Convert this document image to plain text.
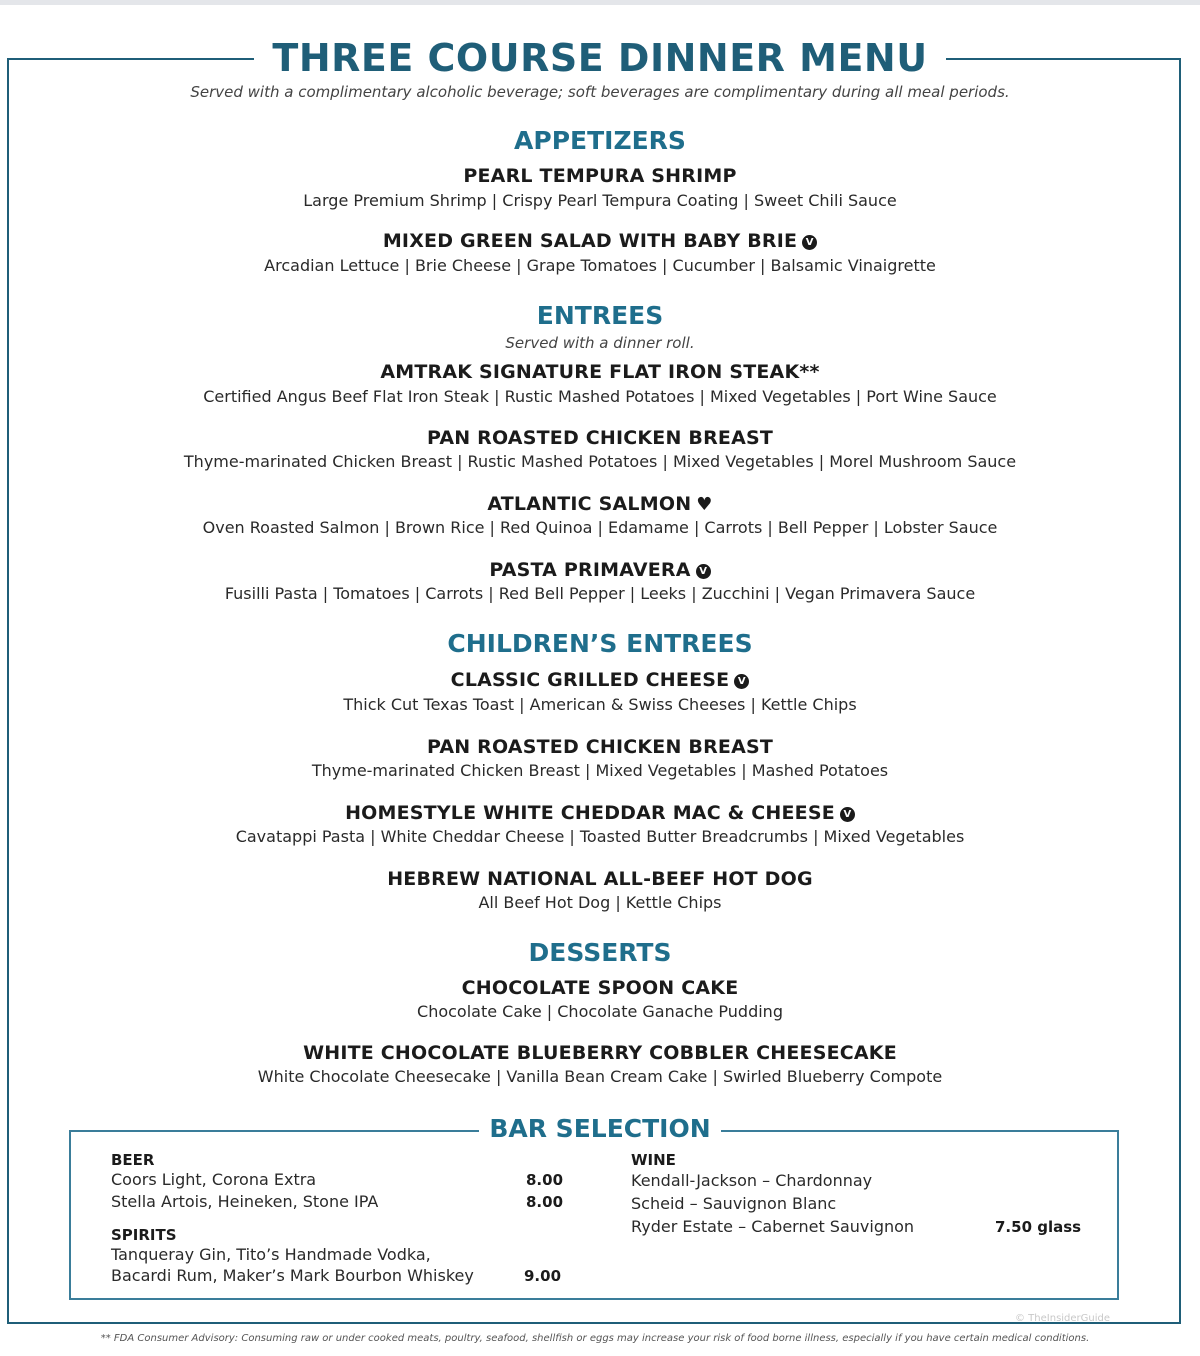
THREE COURSE DINNER MENU
Served with a complimentary alcoholic beverage; soft beverages are complimentary during all meal periods.
APPETIZERS
PEARL TEMPURA SHRIMP
Large Premium Shrimp | Crispy Pearl Tempura Coating | Sweet Chili Sauce
MIXED GREEN SALAD WITH BABY BRIE V
Arcadian Lettuce | Brie Cheese | Grape Tomatoes | Cucumber | Balsamic Vinaigrette
ENTREES
Served with a dinner roll.
AMTRAK SIGNATURE FLAT IRON STEAK**
Certified Angus Beef Flat Iron Steak | Rustic Mashed Potatoes | Mixed Vegetables | Port Wine Sauce
PAN ROASTED CHICKEN BREAST
Thyme-marinated Chicken Breast | Rustic Mashed Potatoes | Mixed Vegetables | Morel Mushroom Sauce
ATLANTIC SALMON ♥
Oven Roasted Salmon | Brown Rice | Red Quinoa | Edamame | Carrots | Bell Pepper | Lobster Sauce
PASTA PRIMAVERA V
Fusilli Pasta | Tomatoes | Carrots | Red Bell Pepper | Leeks | Zucchini | Vegan Primavera Sauce
CHILDREN’S ENTREES
CLASSIC GRILLED CHEESE V
Thick Cut Texas Toast | American & Swiss Cheeses | Kettle Chips
PAN ROASTED CHICKEN BREAST
Thyme-marinated Chicken Breast | Mixed Vegetables | Mashed Potatoes
HOMESTYLE WHITE CHEDDAR MAC & CHEESE V
Cavatappi Pasta | White Cheddar Cheese | Toasted Butter Breadcrumbs | Mixed Vegetables
HEBREW NATIONAL ALL-BEEF HOT DOG
All Beef Hot Dog | Kettle Chips
DESSERTS
CHOCOLATE SPOON CAKE
Chocolate Cake | Chocolate Ganache Pudding
WHITE CHOCOLATE BLUEBERRY COBBLER CHEESECAKE
White Chocolate Cheesecake | Vanilla Bean Cream Cake | Swirled Blueberry Compote
BAR SELECTION
BEER
Coors Light, Corona Extra	8.00
Stella Artois, Heineken, Stone IPA	8.00
SPIRITS
Tanqueray Gin, Tito’s Handmade Vodka,
Bacardi Rum, Maker’s Mark Bourbon Whiskey	9.00
WINE
Kendall-Jackson – Chardonnay
Scheid – Sauvignon Blanc
Ryder Estate – Cabernet Sauvignon	7.50 glass
© TheInsiderGuide
** FDA Consumer Advisory: Consuming raw or under cooked meats, poultry, seafood, shellfish or eggs may increase your risk of food borne illness, especially if you have certain medical conditions.
